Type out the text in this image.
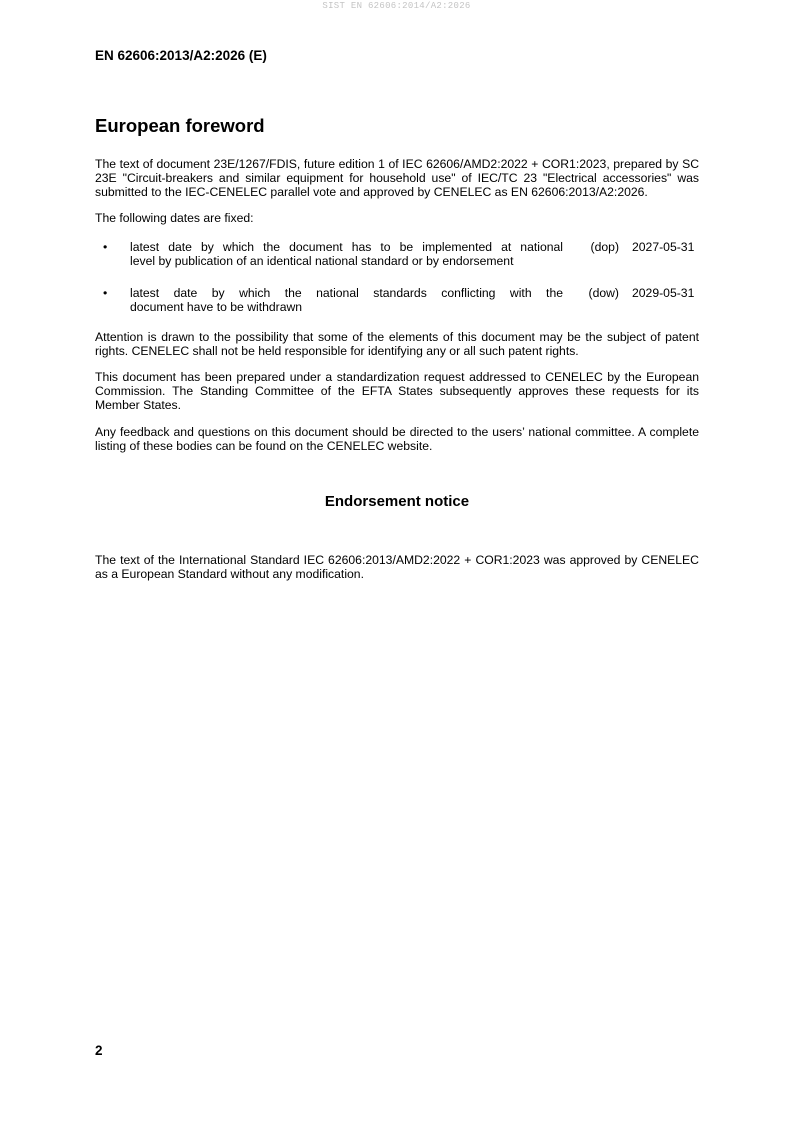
SIST EN 62606:2014/A2:2026
EN 62606:2013/A2:2026 (E)
European foreword

The text of document 23E/1267/FDIS, future edition 1 of IEC 62606/AMD2:2022 + COR1:2023, prepared by SC 23E "Circuit-breakers and similar equipment for household use" of IEC/TC 23 "Electrical accessories" was submitted to the IEC-CENELEC parallel vote and approved by CENELEC as EN 62606:2013/A2:2026.

The following dates are fixed:

•	latest date by which the document has to be implemented at national
level by publication of an identical national standard or by endorsement
(dop)	2027-05-31
•	latest date by which the national standards conflicting with the
document have to be withdrawn
(dow)	2029-05-31

Attention is drawn to the possibility that some of the elements of this document may be the subject of patent rights. CENELEC shall not be held responsible for identifying any or all such patent rights.

This document has been prepared under a standardization request addressed to CENELEC by the European Commission. The Standing Committee of the EFTA States subsequently approves these requests for its Member States.

Any feedback and questions on this document should be directed to the users’ national committee. A complete listing of these bodies can be found on the CENELEC website.

Endorsement notice

The text of the International Standard IEC 62606:2013/AMD2:2022 + COR1:2023 was approved by CENELEC as a European Standard without any modification.

2
